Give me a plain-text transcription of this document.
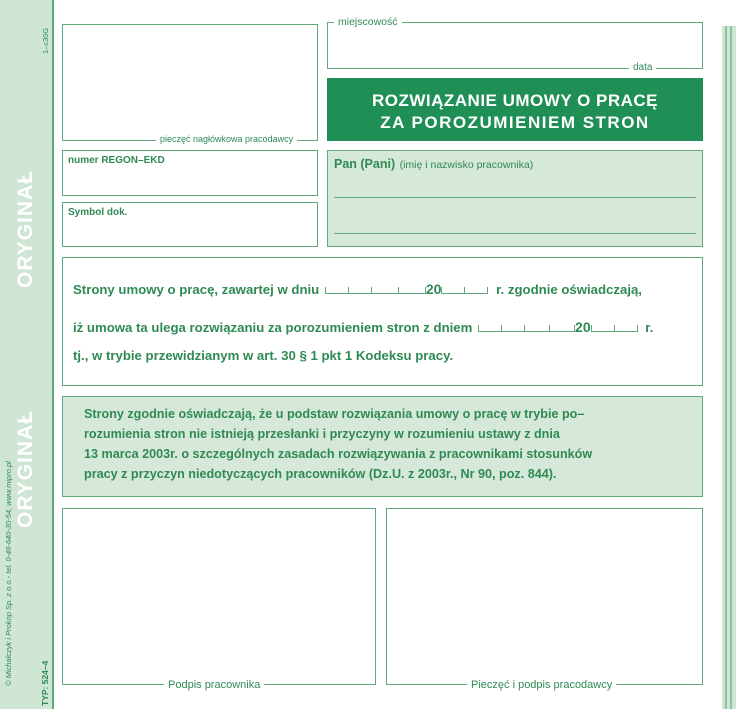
ORYGINAŁ
ORYGINAŁ
© Michalczyk i Prokop Sp. z o.o.- tel. 0-48-640-30-54, www.mipro.pl	TYP: 524–4
1–c30G
pieczęć nagłówkowa pracodawcy
miejscowość
data
ROZWIĄZANIE UMOWY O PRACĘ
ZA POROZUMIENIEM STRON
numer REGON–EKD
Symbol dok.
Pan (Pani) (imię i nazwisko pracownika)
Strony umowy o pracę, zawartej w dniu	20	r. zgodnie oświadczają,
iż umowa ta ulega rozwiązaniu za porozumieniem stron z dniem	20	r.
tj., w trybie przewidzianym w art. 30 § 1 pkt 1 Kodeksu pracy.
Strony zgodnie oświadczają, że u podstaw rozwiązania umowy o pracę w trybie po–
rozumienia stron nie istnieją przesłanki i przyczyny w rozumieniu ustawy z dnia
13 marca 2003r. o szczególnych zasadach rozwiązywania z pracownikami stosunków
pracy z przyczyn niedotyczących pracowników (Dz.U. z 2003r., Nr 90, poz. 844).
Podpis pracownika	Pieczęć i podpis pracodawcy
